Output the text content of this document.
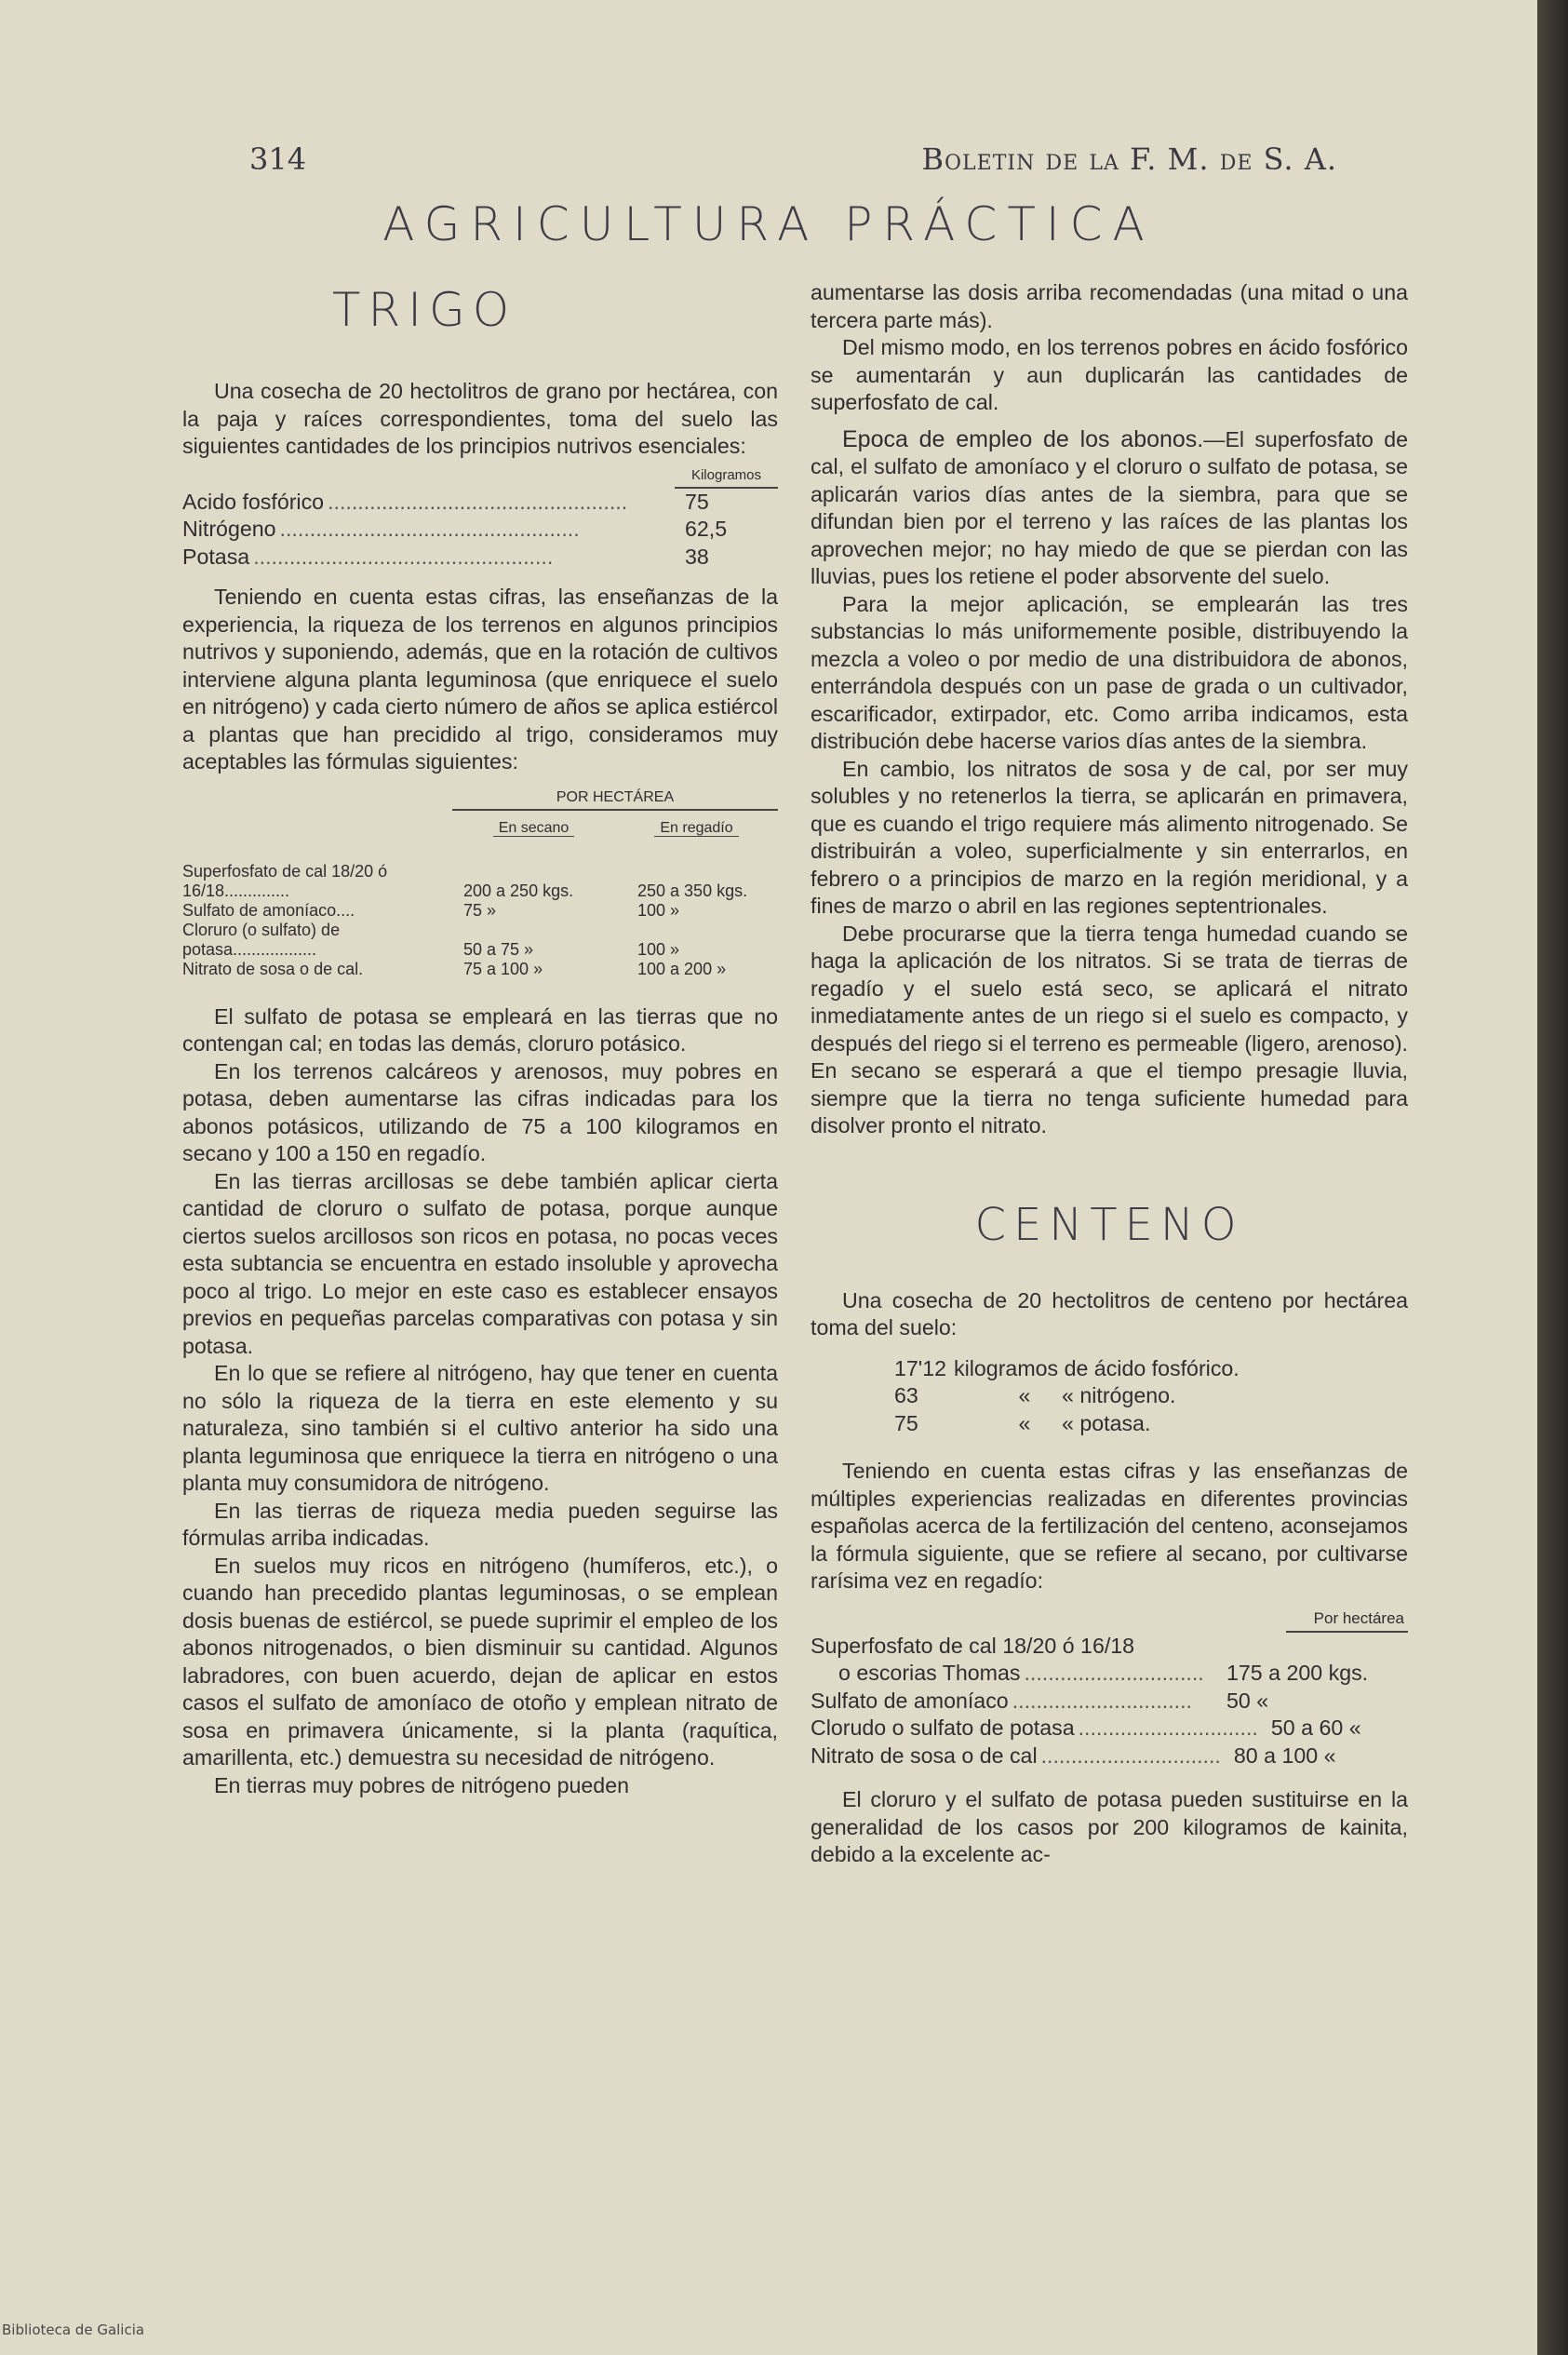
314	Boletin de la F. M. de S. A.
AGRICULTURA PRÁCTICA
TRIGO

Una cosecha de 20 hectolitros de grano por hectárea, con la paja y raíces correspondientes, toma del suelo las siguientes cantidades de los principios nutrivos esenciales:

Kilogramos
Acido fosfórico ..................................................	75
Nitrógeno ..................................................	62,5
Potasa ..................................................	38

Teniendo en cuenta estas cifras, las enseñanzas de la experiencia, la riqueza de los terrenos en algunos principios nutrivos y suponiendo, además, que en la rotación de cultivos interviene alguna planta leguminosa (que enriquece el suelo en nitrógeno) y cada cierto número de años se aplica estiércol a plantas que han precidido al trigo, consideramos muy aceptables las fórmulas siguientes:

POR HECTÁREA
En secano	En regadío
Superfosfato de cal 18/20 ó 16/18..............	200 a 250 kgs.	250 a 350 kgs.
Sulfato de amoníaco....	75 »	100 »
Cloruro (o sulfato) de potasa..................	50 a 75 »	100 »
Nitrato de sosa o de cal.	75 a 100 »	100 a 200 »

El sulfato de potasa se empleará en las tierras que no contengan cal; en todas las demás, cloruro potásico.

En los terrenos calcáreos y arenosos, muy pobres en potasa, deben aumentarse las cifras indicadas para los abonos potásicos, utilizando de 75 a 100 kilogramos en secano y 100 a 150 en regadío.

En las tierras arcillosas se debe también aplicar cierta cantidad de cloruro o sulfato de potasa, porque aunque ciertos suelos arcillosos son ricos en potasa, no pocas veces esta subtancia se encuentra en estado insoluble y aprovecha poco al trigo. Lo mejor en este caso es establecer ensayos previos en pequeñas parcelas comparativas con potasa y sin potasa.

En lo que se refiere al nitrógeno, hay que tener en cuenta no sólo la riqueza de la tierra en este elemento y su naturaleza, sino también si el cultivo anterior ha sido una planta leguminosa que enriquece la tierra en nitrógeno o una planta muy consumidora de nitrógeno.

En las tierras de riqueza media pueden seguirse las fórmulas arriba indicadas.

En suelos muy ricos en nitrógeno (humíferos, etc.), o cuando han precedido plantas leguminosas, o se emplean dosis buenas de estiércol, se puede suprimir el empleo de los abonos nitrogenados, o bien disminuir su cantidad. Algunos labradores, con buen acuerdo, dejan de aplicar en estos casos el sulfato de amoníaco de otoño y emplean nitrato de sosa en primavera únicamente, si la planta (raquítica, amarillenta, etc.) demuestra su necesidad de nitrógeno.

En tierras muy pobres de nitrógeno pueden

aumentarse las dosis arriba recomendadas (una mitad o una tercera parte más).

Del mismo modo, en los terrenos pobres en ácido fosfórico se aumentarán y aun duplicarán las cantidades de superfosfato de cal.

Epoca de empleo de los abonos.—El superfosfato de cal, el sulfato de amoníaco y el cloruro o sulfato de potasa, se aplicarán varios días antes de la siembra, para que se difundan bien por el terreno y las raíces de las plantas los aprovechen mejor; no hay miedo de que se pierdan con las lluvias, pues los retiene el poder absorvente del suelo.

Para la mejor aplicación, se emplearán las tres substancias lo más uniformemente posible, distribuyendo la mezcla a voleo o por medio de una distribuidora de abonos, enterrándola después con un pase de grada o un cultivador, escarificador, extirpador, etc. Como arriba indicamos, esta distribución debe hacerse varios días antes de la siembra.

En cambio, los nitratos de sosa y de cal, por ser muy solubles y no retenerlos la tierra, se aplicarán en primavera, que es cuando el trigo requiere más alimento nitrogenado. Se distribuirán a voleo, superficialmente y sin enterrarlos, en febrero o a principios de marzo en la región meridional, y a fines de marzo o abril en las regiones septentrionales.

Debe procurarse que la tierra tenga humedad cuando se haga la aplicación de los nitratos. Si se trata de tierras de regadío y el suelo está seco, se aplicará el nitrato inmediatamente antes de un riego si el suelo es compacto, y después del riego si el terreno es permeable (ligero, arenoso). En secano se esperará a que el tiempo presagie lluvia, siempre que la tierra no tenga suficiente humedad para disolver pronto el nitrato.

CENTENO

Una cosecha de 20 hectolitros de centeno por hectárea toma del suelo:

17'12 kilogramos de ácido fosfórico.
63	«	« nitrógeno.
75	«	« potasa.

Teniendo en cuenta estas cifras y las enseñanzas de múltiples experiencias realizadas en diferentes provincias españolas acerca de la fertilización del centeno, aconsejamos la fórmula siguiente, que se refiere al secano, por cultivarse rarísima vez en regadío:

Por hectárea
Superfosfato de cal 18/20 ó 16/18
o escorias Thomas ..............................	175 a 200 kgs.
Sulfato de amoníaco ..............................	50 «
Clorudo o sulfato de potasa .............................. 50 a 60 «
Nitrato de sosa o de cal .............................. 80 a 100 «

El cloruro y el sulfato de potasa pueden sustituirse en la generalidad de los casos por 200 kilogramos de kainita, debido a la excelente ac-

Biblioteca de Galicia
